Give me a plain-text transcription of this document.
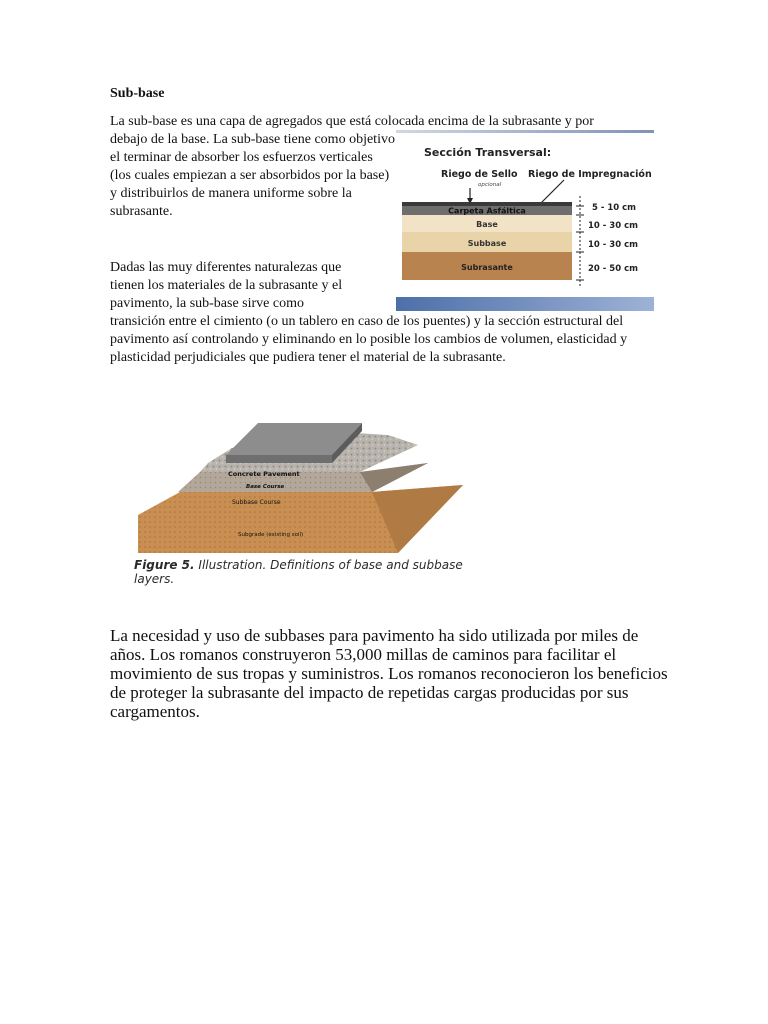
Sub-base

La sub-base es una capa de agregados que está colocada encima de la subrasante y por

debajo de la base. La sub-base tiene como objetivo el terminar de absorber los esfuerzos verticales (los cuales empiezan a ser absorbidos por la base) y distribuirlos de manera uniforme sobre la subrasante.

Dadas las muy diferentes naturalezas que tienen los materiales de la subrasante y el pavimento, la sub-base sirve como

transición entre el cimiento (o un tablero en caso de los puentes) y la sección estructural del pavimento así controlando y eliminando en lo posible los cambios de volumen, elasticidad y plasticidad perjudiciales que pudiera tener el material de la subrasante.

Sección Transversal:
Riego de Sello
opcional
Riego de Impregnación
Carpeta Asfáltica
Base
Subbase
Subrasante
5 - 10 cm
10 - 30 cm
10 - 30 cm
20 - 50 cm
Concrete Pavement
Base Course
Subbase Course
Subgrade (existing soil)
Figure 5. Illustration. Definitions of base and subbase layers.

La necesidad y uso de subbases para pavimento ha sido utilizada por miles de años. Los romanos construyeron 53,000 millas de caminos para facilitar el movimiento de sus tropas y suministros. Los romanos reconocieron los beneficios de proteger la subrasante del impacto de repetidas cargas producidas por sus cargamentos.
